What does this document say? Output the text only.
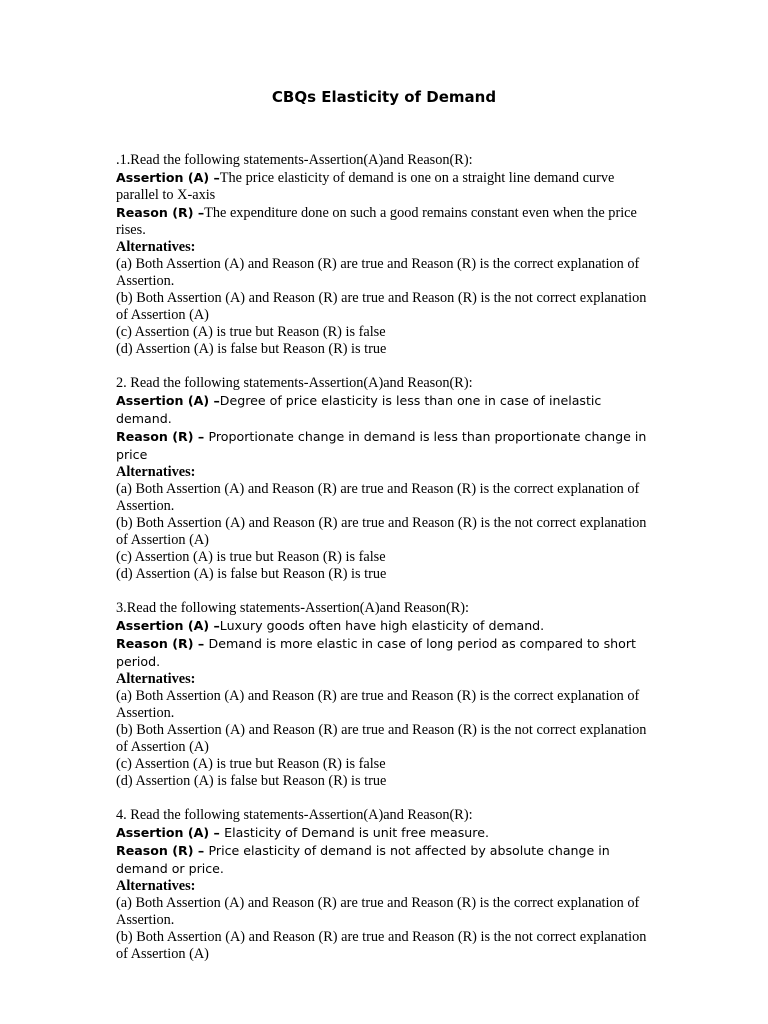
CBQs Elasticity of Demand

.1.Read the following statements-Assertion(A)and Reason(R):

Assertion (A) –The price elasticity of demand is one on a straight line demand curve parallel to X-axis

Reason (R) –The expenditure done on such a good remains constant even when the price rises.

Alternatives:

(a) Both Assertion (A) and Reason (R) are true and Reason (R) is the correct explanation of Assertion.

(b) Both Assertion (A) and Reason (R) are true and Reason (R) is the not correct explanation of Assertion (A)

(c) Assertion (A) is true but Reason (R) is false

(d) Assertion (A) is false but Reason (R) is true

2. Read the following statements-Assertion(A)and Reason(R):

Assertion (A) –Degree of price elasticity is less than one in case of inelastic demand.

Reason (R) – Proportionate change in demand is less than proportionate change in price

Alternatives:

(a) Both Assertion (A) and Reason (R) are true and Reason (R) is the correct explanation of Assertion.

(b) Both Assertion (A) and Reason (R) are true and Reason (R) is the not correct explanation of Assertion (A)

(c) Assertion (A) is true but Reason (R) is false

(d) Assertion (A) is false but Reason (R) is true

3.Read the following statements-Assertion(A)and Reason(R):

Assertion (A) –Luxury goods often have high elasticity of demand.

Reason (R) – Demand is more elastic in case of long period as compared to short period.

Alternatives:

(a) Both Assertion (A) and Reason (R) are true and Reason (R) is the correct explanation of Assertion.

(b) Both Assertion (A) and Reason (R) are true and Reason (R) is the not correct explanation of Assertion (A)

(c) Assertion (A) is true but Reason (R) is false

(d) Assertion (A) is false but Reason (R) is true

4. Read the following statements-Assertion(A)and Reason(R):

Assertion (A) – Elasticity of Demand is unit free measure.

Reason (R) – Price elasticity of demand is not affected by absolute change in demand or price.

Alternatives:

(a) Both Assertion (A) and Reason (R) are true and Reason (R) is the correct explanation of Assertion.

(b) Both Assertion (A) and Reason (R) are true and Reason (R) is the not correct explanation of Assertion (A)
